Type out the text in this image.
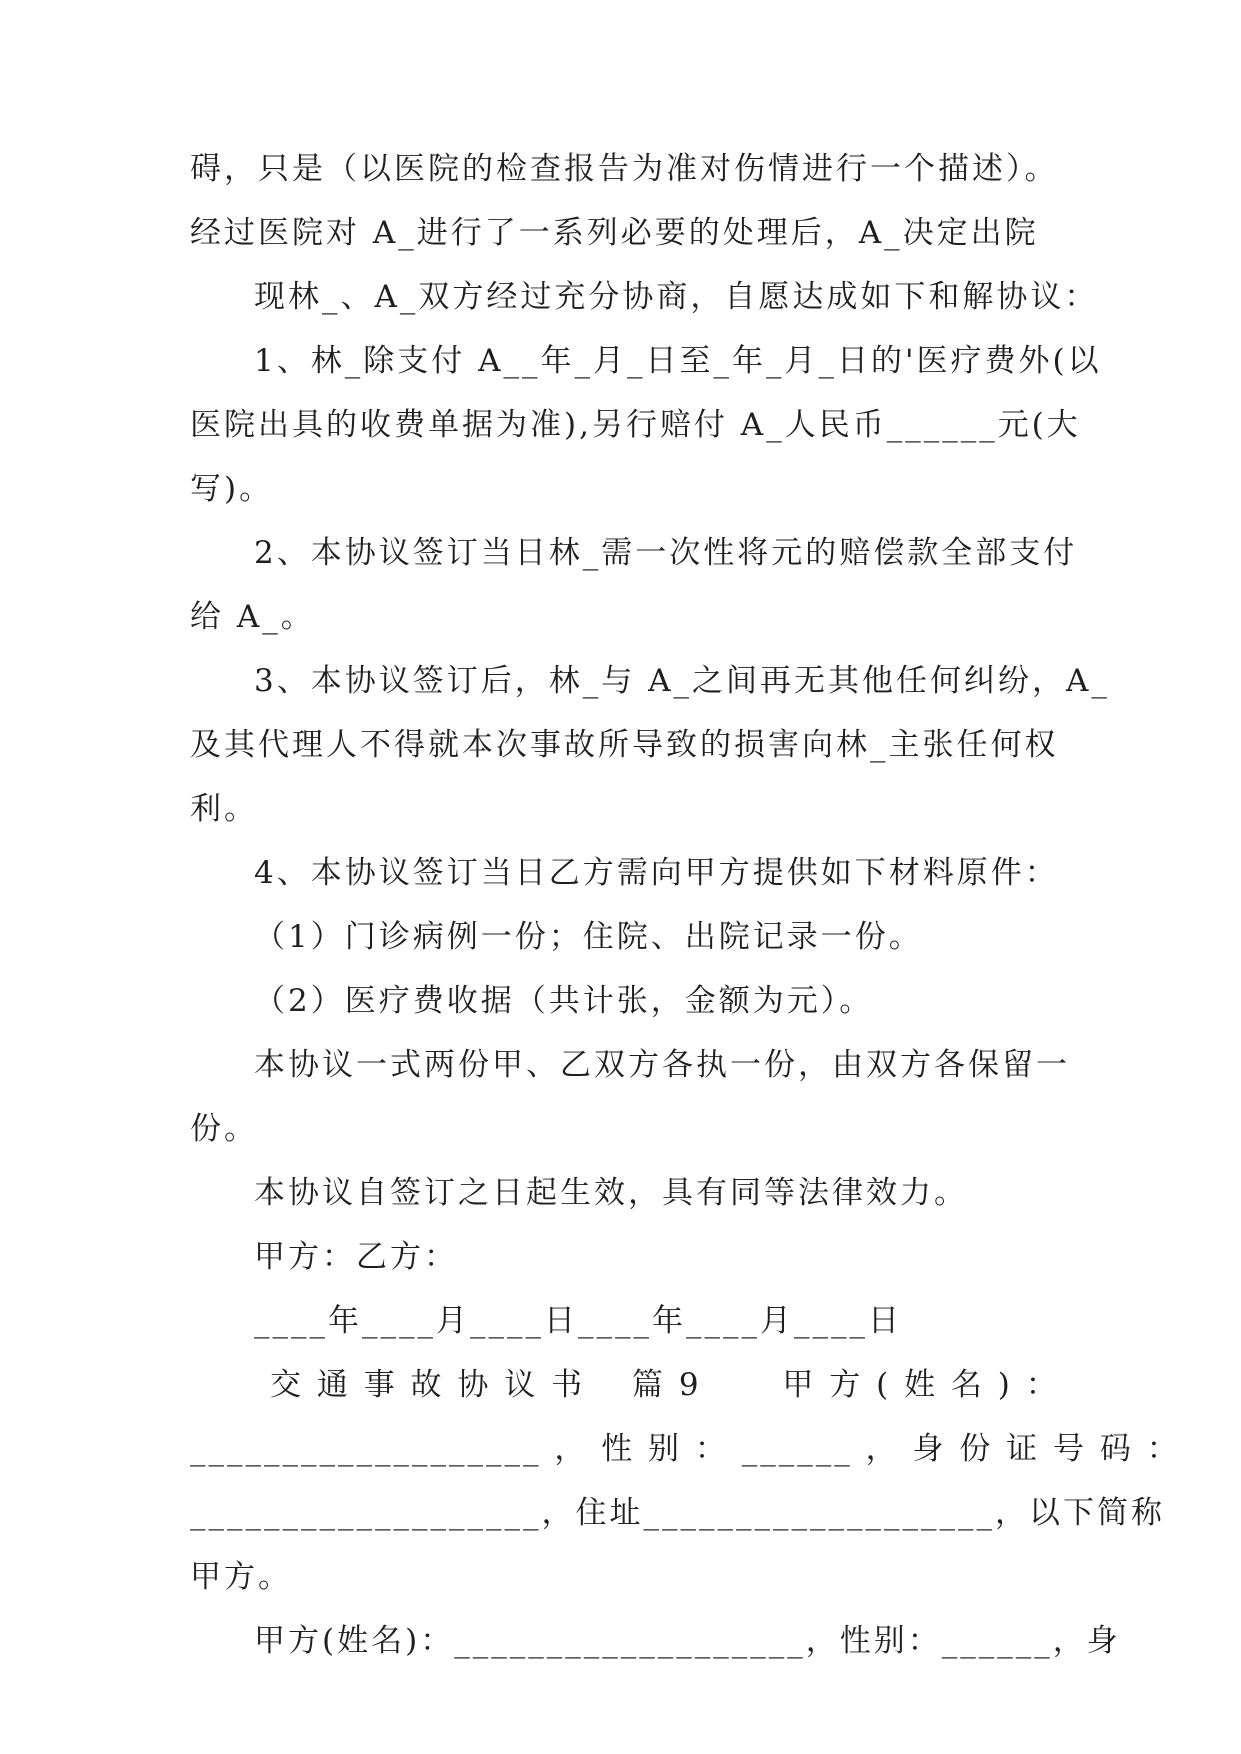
碍，只是（以医院的检查报告为准对伤情进行一个描述）。
经过医院对 A_进行了一系列必要的处理后，A_决定出院
现林_、A_双方经过充分协商，自愿达成如下和解协议：
1、林_除支付 A__年_月_日至_年_月_日的'医疗费外(以
医院出具的收费单据为准),另行赔付 A_人民币______元(大
写)。
2、本协议签订当日林_需一次性将元的赔偿款全部支付
给 A_。
3、本协议签订后，林_与 A_之间再无其他任何纠纷，A_
及其代理人不得就本次事故所导致的损害向林_主张任何权
利。
4、本协议签订当日乙方需向甲方提供如下材料原件：
（1）门诊病例一份；住院、出院记录一份。
（2）医疗费收据（共计张，金额为元）。
本协议一式两份甲、乙双方各执一份，由双方各保留一
份。
本协议自签订之日起生效，具有同等法律效力。
甲方：乙方：
____年____月____日____年____月____日
交 通 事 故 协 议 书　 篇 9　　 甲 方 ( 姓 名 ) ：
___________________ ， 性 别 ： ______ ， 身 份 证 号 码 ：
___________________，住址___________________，以下简称
甲方。
甲方(姓名)：___________________，性别：______，身
